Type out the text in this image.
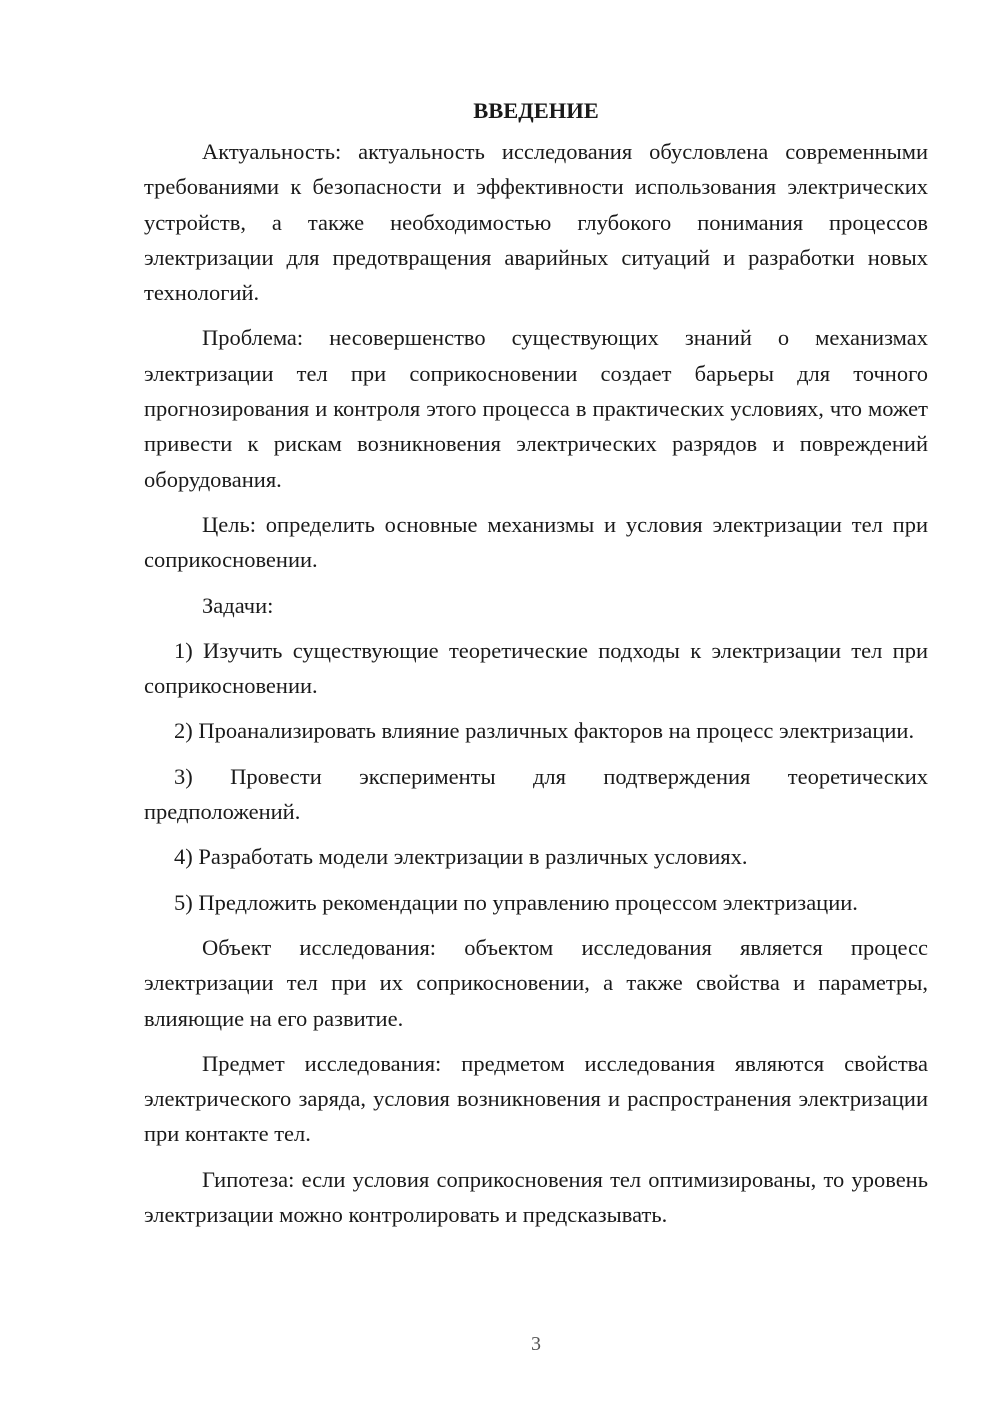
ВВЕДЕНИЕ

Актуальность: актуальность исследования обусловлена современными требованиями к безопасности и эффективности использования электрических устройств, а также необходимостью глубокого понимания процессов электризации для предотвращения аварийных ситуаций и разработки новых технологий.

Проблема: несовершенство существующих знаний о механизмах электризации тел при соприкосновении создает барьеры для точного прогнозирования и контроля этого процесса в практических условиях, что может привести к рискам возникновения электрических разрядов и повреждений оборудования.

Цель: определить основные механизмы и условия электризации тел при соприкосновении.

Задачи:

1) Изучить существующие теоретические подходы к электризации тел при соприкосновении.

2) Проанализировать влияние различных факторов на процесс электризации.

3) Провести эксперименты для подтверждения теоретических предположений.

4) Разработать модели электризации в различных условиях.

5) Предложить рекомендации по управлению процессом электризации.

Объект исследования: объектом исследования является процесс электризации тел при их соприкосновении, а также свойства и параметры, влияющие на его развитие.

Предмет исследования: предметом исследования являются свойства электрического заряда, условия возникновения и распространения электризации при контакте тел.

Гипотеза: если условия соприкосновения тел оптимизированы, то уровень электризации можно контролировать и предсказывать.

3
